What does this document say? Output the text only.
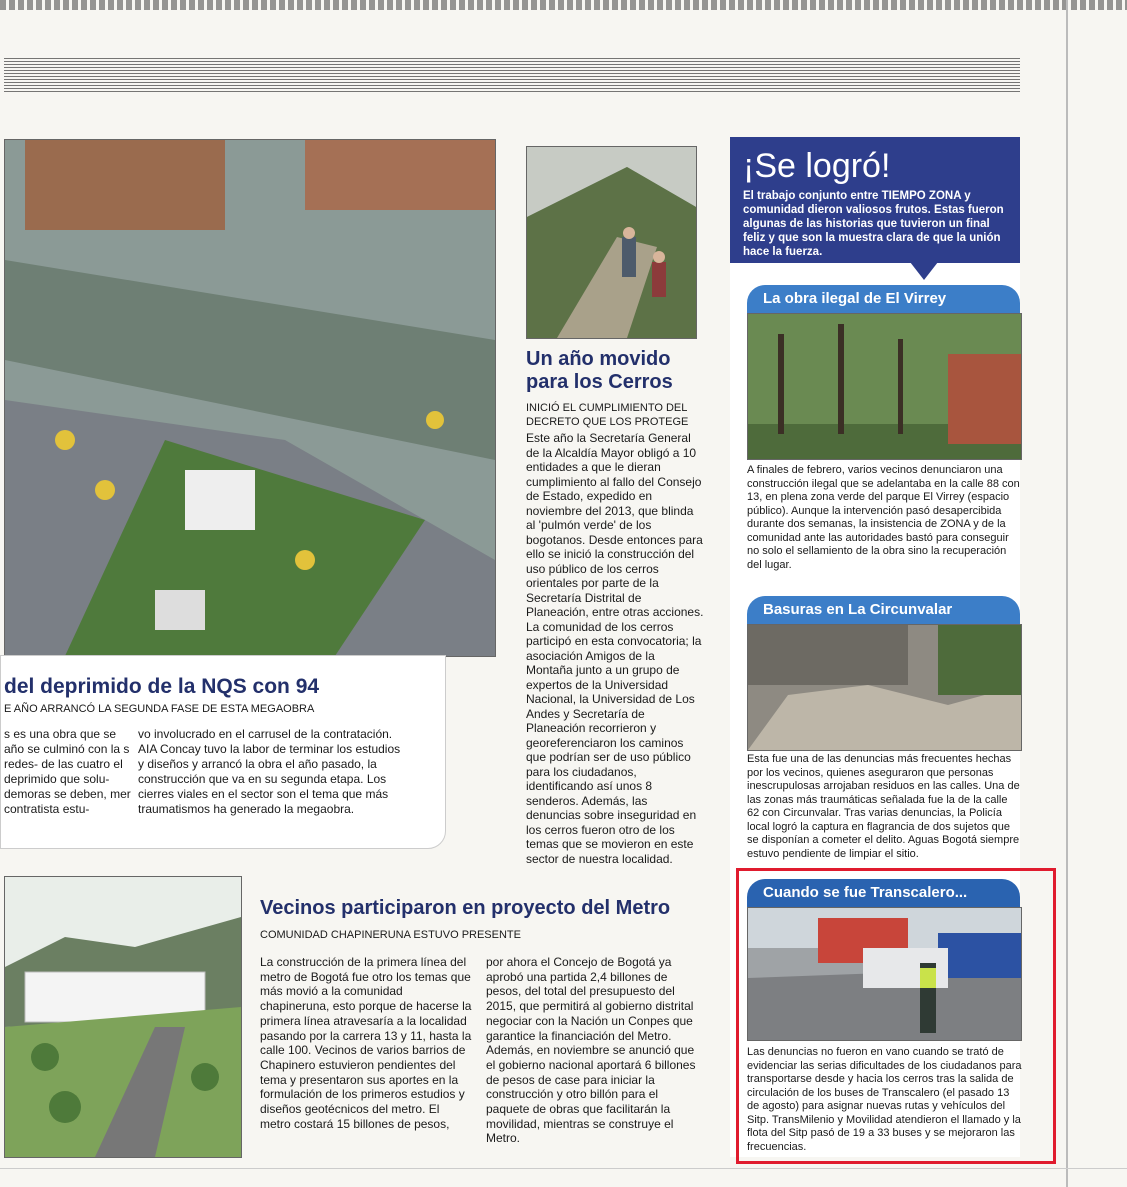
del deprimido de la NQS con 94
E AÑO ARRANCÓ LA SEGUNDA FASE DE ESTA MEGAOBRA
s es una obra que se año se culminó con la s redes- de las cuatro el deprimido que solu- demoras se deben, mer contratista estu-
vo involucrado en el carrusel de la contratación. AIA Concay tuvo la labor de terminar los estudios y diseños y arrancó la obra el año pasado, la construcción que va en su segunda etapa. Los cierres viales en el sector son el tema que más traumatismos ha generado la megaobra.
Un año movido para los Cerros
INICIÓ EL CUMPLIMIENTO DEL DECRETO QUE LOS PROTEGE
Este año la Secretaría General de la Alcaldía Mayor obligó a 10 entidades a que le dieran cumplimiento al fallo del Consejo de Estado, expedido en noviembre del 2013, que blinda al 'pulmón verde' de los bogotanos. Desde entonces para ello se inició la construcción del uso público de los cerros orientales por parte de la Secretaría Distrital de Planeación, entre otras acciones. La comunidad de los cerros participó en esta convocatoria; la asociación Amigos de la Montaña junto a un grupo de expertos de la Universidad Nacional, la Universidad de Los Andes y Secretaría de Planeación recorrieron y georeferenciaron los caminos que podrían ser de uso público para los ciudadanos, identificando así unos 8 senderos. Además, las denuncias sobre inseguridad en los cerros fueron otro de los temas que se movieron en este sector de nuestra localidad.
¡Se logró!
El trabajo conjunto entre TIEMPO ZONA y comunidad dieron valiosos frutos. Estas fueron algunas de las historias que tuvieron un final feliz y que son la muestra clara de que la unión hace la fuerza.
La obra ilegal de El Virrey
A finales de febrero, varios vecinos denunciaron una construcción ilegal que se adelantaba en la calle 88 con 13, en plena zona verde del parque El Virrey (espacio público). Aunque la intervención pasó desapercibida durante dos semanas, la insistencia de ZONA y de la comunidad ante las autoridades bastó para conseguir no solo el sellamiento de la obra sino la recuperación del lugar.
Basuras en La Circunvalar
Esta fue una de las denuncias más frecuentes hechas por los vecinos, quienes aseguraron que personas inescrupulosas arrojaban residuos en las calles. Una de las zonas más traumáticas señalada fue la de la calle 62 con Circunvalar. Tras varias denuncias, la Policía local logró la captura en flagrancia de dos sujetos que se disponían a cometer el delito. Aguas Bogotá siempre estuvo pendiente de limpiar el sitio.
Cuando se fue Transcalero...
Las denuncias no fueron en vano cuando se trató de evidenciar las serias dificultades de los ciudadanos para transportarse desde y hacia los cerros tras la salida de circulación de los buses de Transcalero (el pasado 13 de agosto) para asignar nuevas rutas y vehículos del Sitp. TransMilenio y Movilidad atendieron el llamado y la flota del Sitp pasó de 19 a 33 buses y se mejoraron las frecuencias.
Vecinos participaron en proyecto del Metro
COMUNIDAD CHAPINERUNA ESTUVO PRESENTE
La construcción de la primera línea del metro de Bogotá fue otro los temas que más movió a la comunidad chapineruna, esto porque de hacerse la primera línea atravesaría a la localidad pasando por la carrera 13 y 11, hasta la calle 100. Vecinos de varios barrios de Chapinero estuvieron pendientes del tema y presentaron sus aportes en la formulación de los primeros estudios y diseños geotécnicos del metro. El metro costará 15 billones de pesos,
por ahora el Concejo de Bogotá ya aprobó una partida 2,4 billones de pesos, del total del presupuesto del 2015, que permitirá al gobierno distrital negociar con la Nación un Conpes que garantice la financiación del Metro. Además, en noviembre se anunció que el gobierno nacional aportará 6 billones de pesos de case para iniciar la construcción y otro billón para el paquete de obras que facilitarán la movilidad, mientras se construye el Metro.
